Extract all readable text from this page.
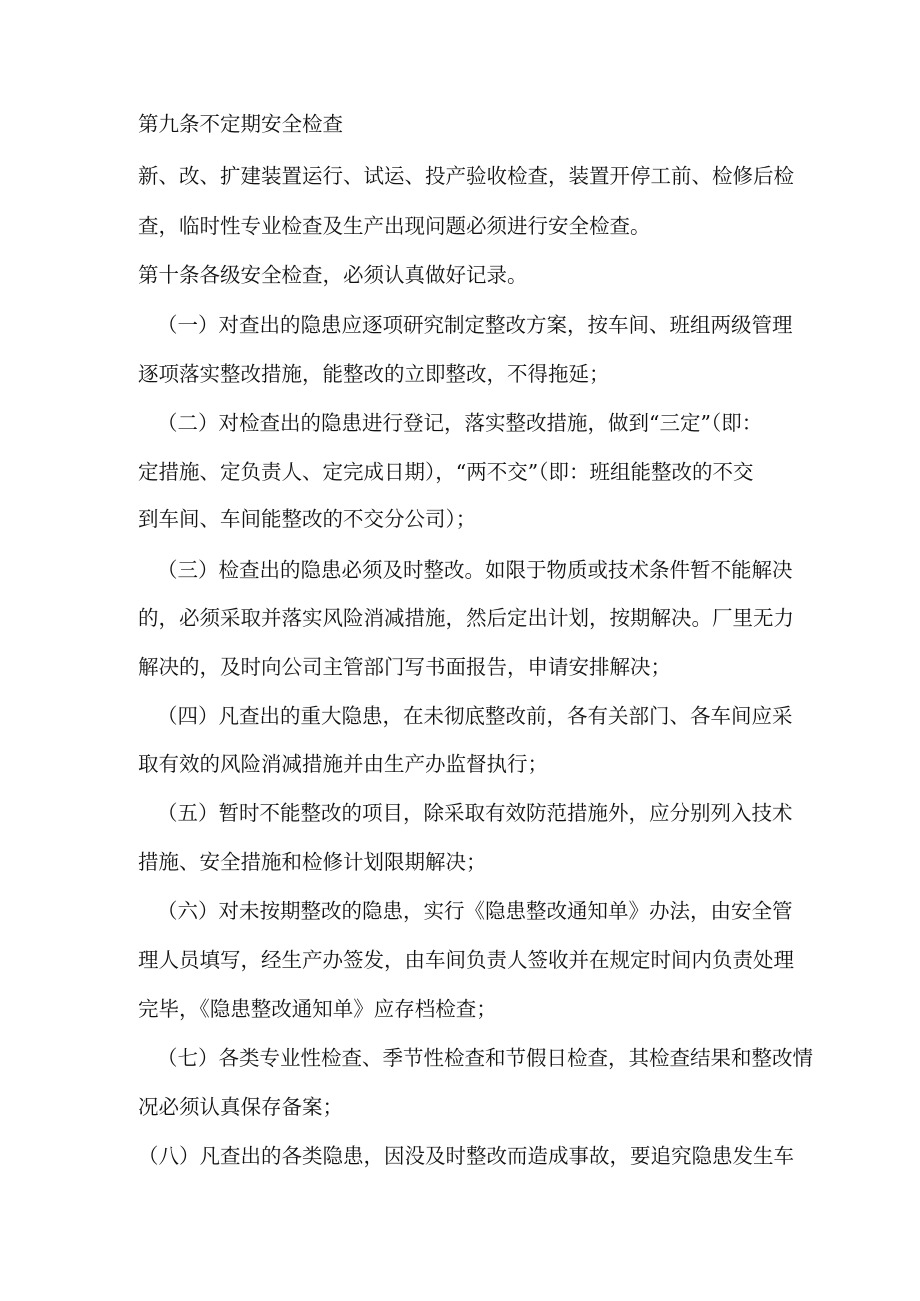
第九条不定期安全检查
新、改、扩建装置运行、试运、投产验收检查，装置开停工前、检修后检
查，临时性专业检查及生产出现问题必须进行安全检查。
第十条各级安全检查，必须认真做好记录。
（一）对查出的隐患应逐项研究制定整改方案，按车间、班组两级管理
逐项落实整改措施，能整改的立即整改，不得拖延；
（二）对检查出的隐患进行登记，落实整改措施，做到“三定”（即：
定措施、定负责人、定完成日期），“两不交”（即：班组能整改的不交
到车间、车间能整改的不交分公司）；
（三）检查出的隐患必须及时整改。如限于物质或技术条件暂不能解决
的，必须采取并落实风险消减措施，然后定出计划，按期解决。厂里无力
解决的，及时向公司主管部门写书面报告，申请安排解决；
（四）凡查出的重大隐患，在未彻底整改前，各有关部门、各车间应采
取有效的风险消减措施并由生产办监督执行；
（五）暂时不能整改的项目，除采取有效防范措施外，应分别列入技术
措施、安全措施和检修计划限期解决；
（六）对未按期整改的隐患，实行《隐患整改通知单》办法，由安全管
理人员填写，经生产办签发，由车间负责人签收并在规定时间内负责处理
完毕，《隐患整改通知单》应存档检查；
（七）各类专业性检查、季节性检查和节假日检查，其检查结果和整改情
况必须认真保存备案；
（八）凡查出的各类隐患，因没及时整改而造成事故，要追究隐患发生车
